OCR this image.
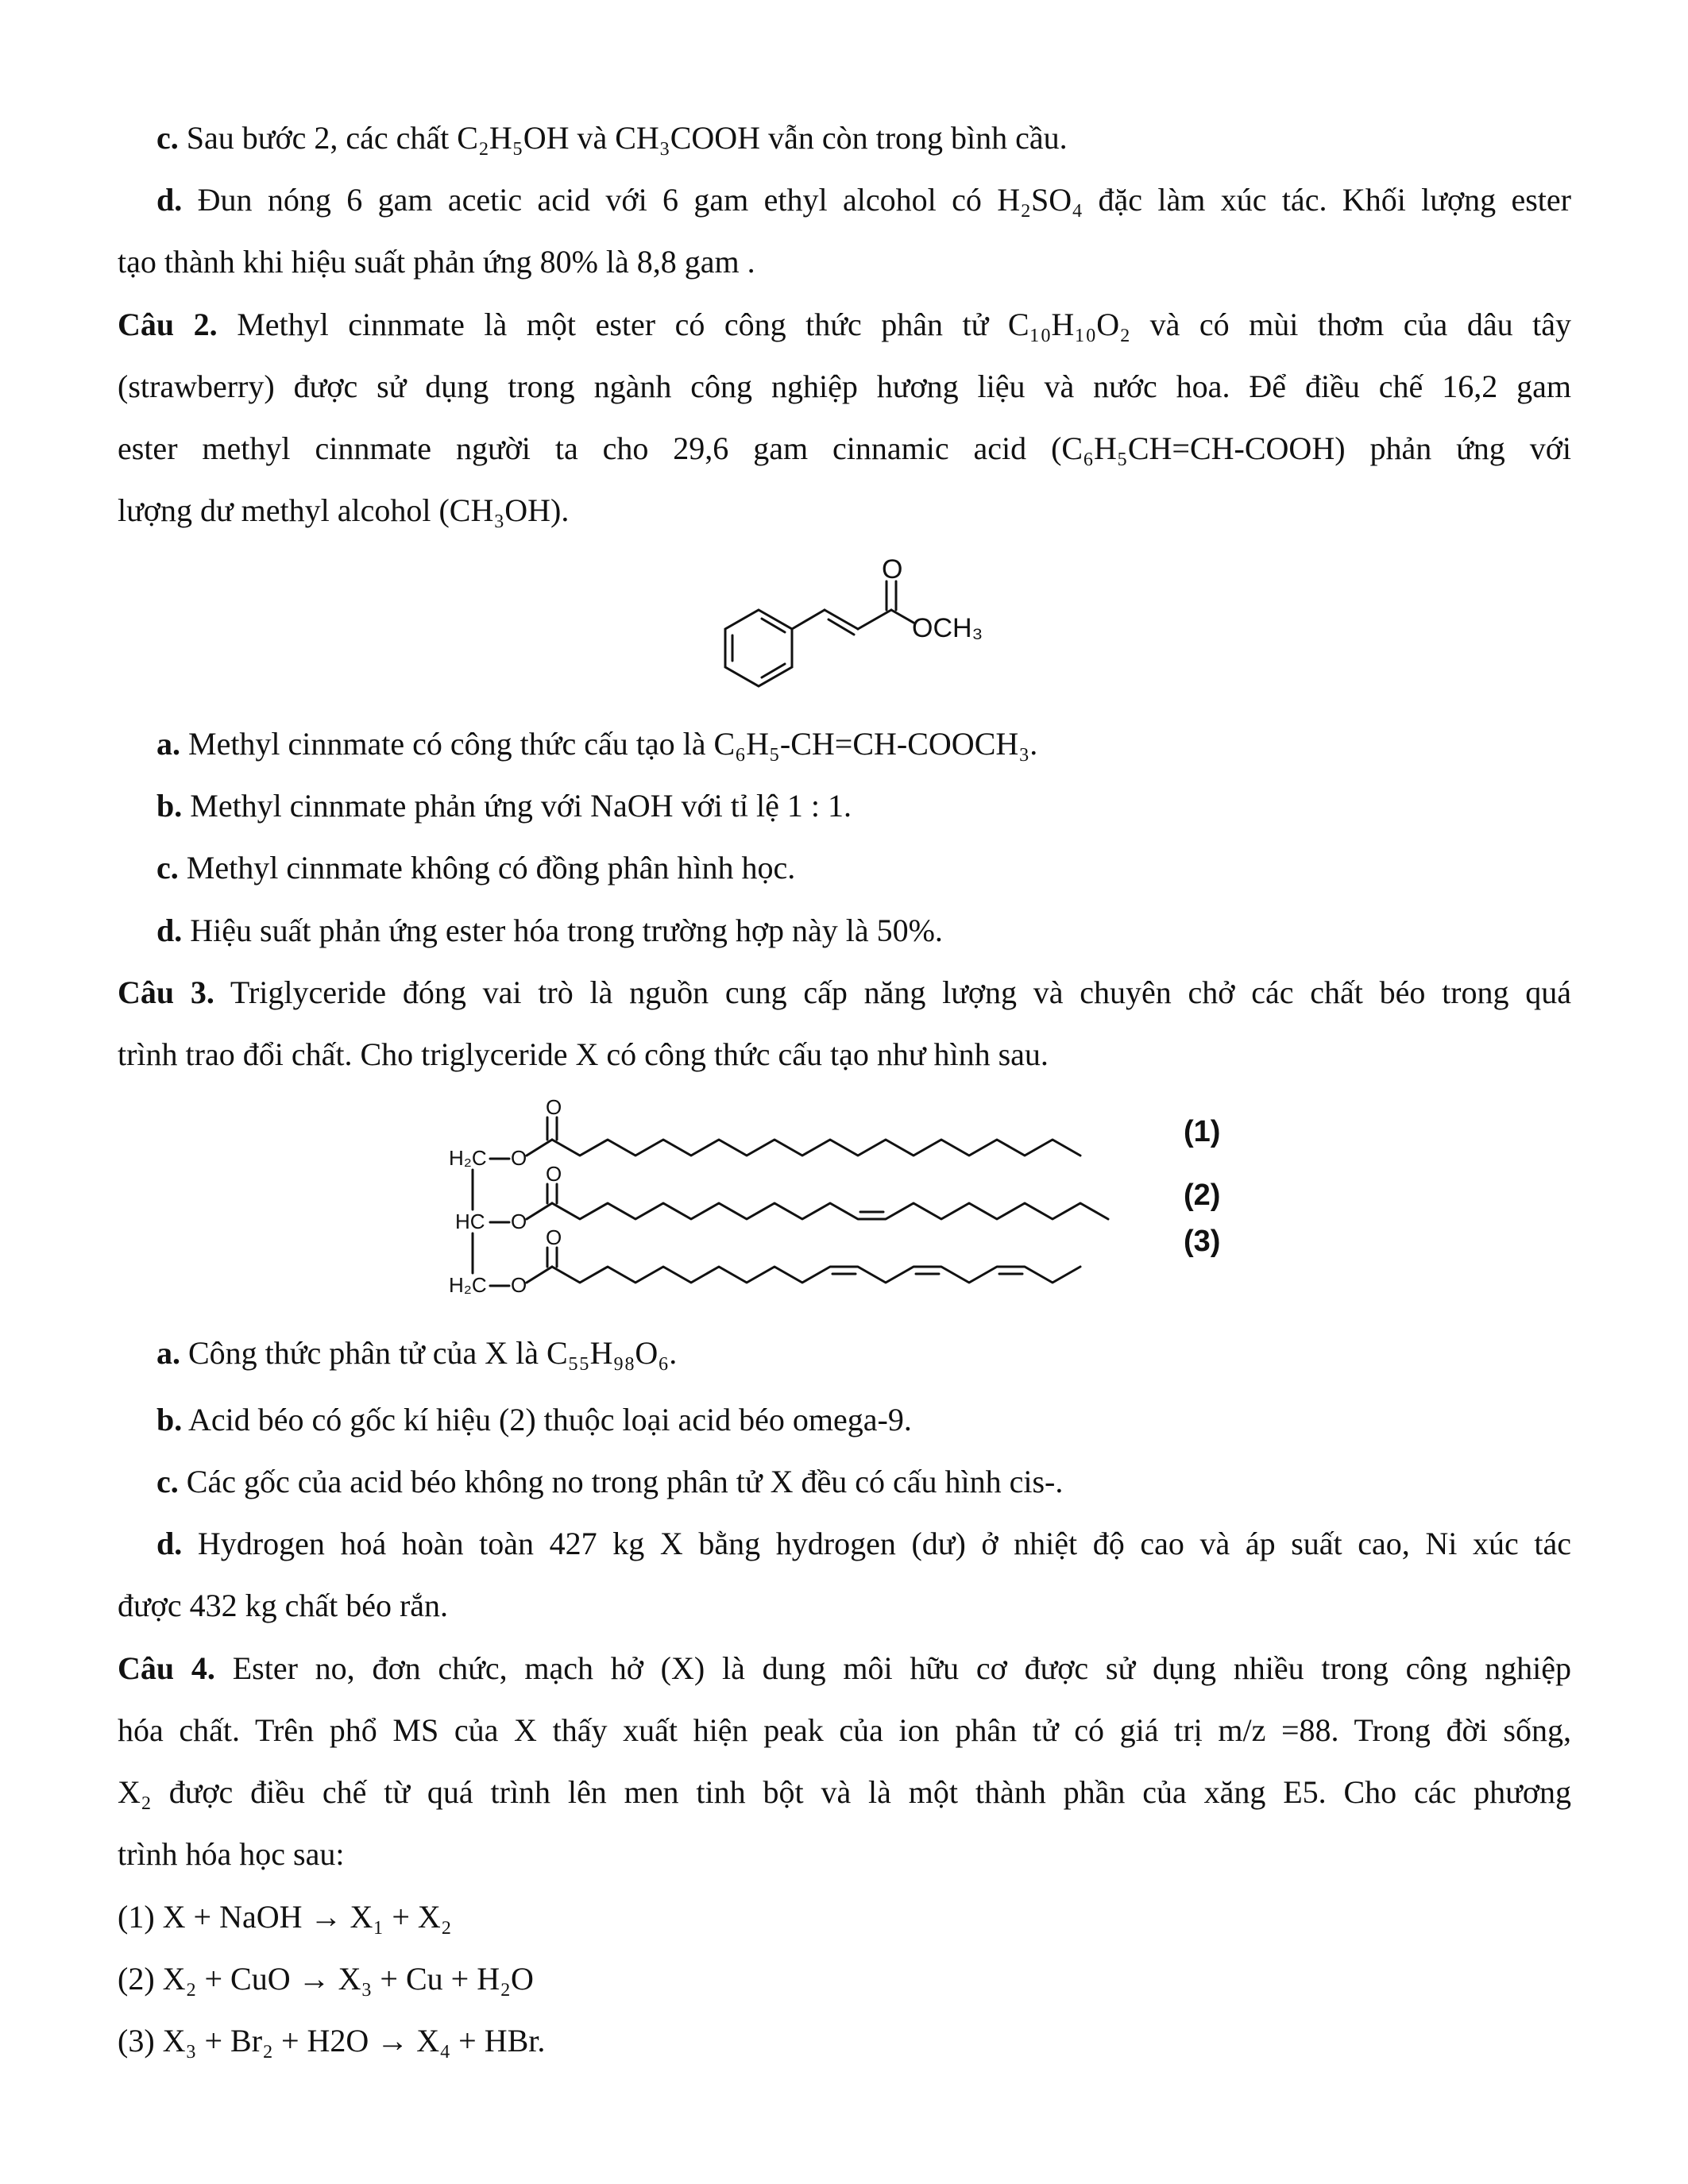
c. Sau bước 2, các chất C₂H₅OH và CH₃COOH vẫn còn trong bình cầu.
d. Đun nóng 6 gam acetic acid với 6 gam ethyl alcohol có H₂SO₄ đặc làm xúc tác. Khối lượng ester
tạo thành khi hiệu suất phản ứng 80% là 8,8 gam .
Câu 2. Methyl cinnmate là một ester có công thức phân tử C₁₀H₁₀O₂ và có mùi thơm của dâu tây
(strawberry) được sử dụng trong ngành công nghiệp hương liệu và nước hoa. Để điều chế 16,2 gam
ester methyl cinnmate người ta cho 29,6 gam cinnamic acid (C₆H₅CH=CH-COOH) phản ứng với
lượng dư methyl alcohol (CH₃OH).
O
OCH₃
a. Methyl cinnmate có công thức cấu tạo là C₆H₅-CH=CH-COOCH₃.
b. Methyl cinnmate phản ứng với NaOH với tỉ lệ 1 : 1.
c. Methyl cinnmate không có đồng phân hình học.
d. Hiệu suất phản ứng ester hóa trong trường hợp này là 50%.
Câu 3. Triglyceride đóng vai trò là nguồn cung cấp năng lượng và chuyên chở các chất béo trong quá
trình trao đổi chất. Cho triglyceride X có công thức cấu tạo như hình sau.
H₂C
HC
H₂C
O
O
O
O
O
O
(1)
(2)
(3)
a. Công thức phân tử của X là C₅₅H₉₈O₆.
b. Acid béo có gốc kí hiệu (2) thuộc loại acid béo omega-9.
c. Các gốc của acid béo không no trong phân tử X đều có cấu hình cis-.
d. Hydrogen hoá hoàn toàn 427 kg X bằng hydrogen (dư) ở nhiệt độ cao và áp suất cao, Ni xúc tác
được 432 kg chất béo rắn.
Câu 4. Ester no, đơn chức, mạch hở (X) là dung môi hữu cơ được sử dụng nhiều trong công nghiệp
hóa chất. Trên phổ MS của X thấy xuất hiện peak của ion phân tử có giá trị m/z =88. Trong đời sống,
X₂ được điều chế từ quá trình lên men tinh bột và là một thành phần của xăng E5. Cho các phương
trình hóa học sau:
(1) X + NaOH → X₁ + X₂
(2) X₂ + CuO → X₃ + Cu + H₂O
(3) X₃ + Br₂ + H2O → X₄ + HBr.
